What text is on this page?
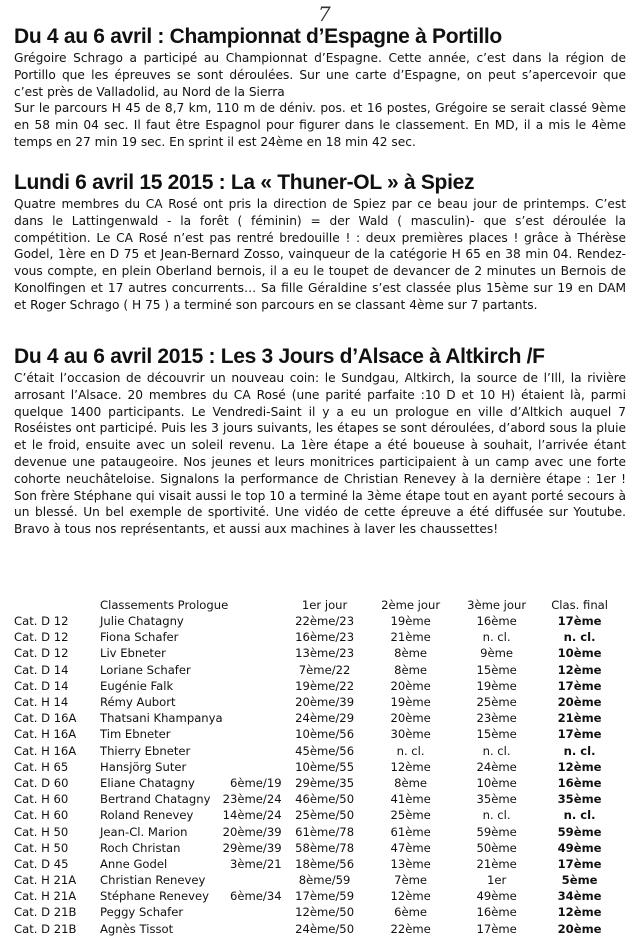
7
Du 4 au 6 avril : Championnat d’Espagne à Portillo

Grégoire Schrago a participé au Championnat d’Espagne. Cette année, c’est dans la région de Portillo que les épreuves se sont déroulées. Sur une carte d’Espagne, on peut s’apercevoir que c’est près de Valladolid, au Nord de la Sierra

Sur le parcours H 45 de 8,7 km, 110 m de déniv. pos. et 16 postes, Grégoire se serait classé 9ème en 58 min 04 sec. Il faut être Espagnol pour figurer dans le classement. En MD, il a mis le 4ème temps en 27 min 19 sec. En sprint il est 24ème en 18 min 42 sec.

Lundi 6 avril 15 2015 : La « Thuner-OL » à Spiez

Quatre membres du CA Rosé ont pris la direction de Spiez par ce beau jour de printemps. C’est dans le Lattingenwald - la forêt ( féminin) = der Wald ( masculin)- que s’est déroulée la compétition. Le CA Rosé n’est pas rentré bredouille ! : deux premières places ! grâce à Thérèse Godel, 1ère en D 75 et Jean-Bernard Zosso, vainqueur de la catégorie H 65 en 38 min 04. Rendez-vous compte, en plein Oberland bernois, il a eu le toupet de devancer de 2 minutes un Bernois de Konolfingen et 17 autres concurrents… Sa fille Géraldine s’est classée plus 15ème sur 19 en DAM et Roger Schrago ( H 75 ) a terminé son parcours en se classant 4ème sur 7 partants.

Du 4 au 6 avril 2015 : Les 3 Jours d’Alsace à Altkirch /F

C’était l’occasion de découvrir un nouveau coin: le Sundgau, Altkirch, la source de l’Ill, la rivière arrosant l’Alsace. 20 membres du CA Rosé (une parité parfaite :10 D et 10 H) étaient là, parmi quelque 1400 participants. Le Vendredi-Saint il y a eu un prologue en ville d’Altkich auquel 7 Roséistes ont participé. Puis les 3 jours suivants, les étapes se sont déroulées, d’abord sous la pluie et le froid, ensuite avec un soleil revenu. La 1ère étape a été boueuse à souhait, l’arrivée étant devenue une pataugeoire. Nos jeunes et leurs monitrices participaient à un camp avec une forte cohorte neuchâteloise. Signalons la performance de Christian Renevey à la dernière étape : 1er ! Son frère Stéphane qui visait aussi le top 10 a terminé la 3ème étape tout en ayant porté secours à un blessé. Un bel exemple de sportivité. Une vidéo de cette épreuve a été diffusée sur Youtube. Bravo à tous nos représentants, et aussi aux machines à laver les chaussettes!

	Classements Prologue		1er jour	2ème jour	3ème jour	Clas. final
Cat. D 12	Julie Chatagny		22ème/23	19ème	16ème	17ème
Cat. D 12	Fiona Schafer		16ème/23	21ème	n. cl.	n. cl.
Cat. D 12	Liv Ebneter		13ème/23	8ème	9ème	10ème
Cat. D 14	Loriane Schafer		7ème/22	8ème	15ème	12ème
Cat. D 14	Eugénie Falk		19ème/22	20ème	19ème	17ème
Cat. H 14	Rémy Aubort		20ème/39	19ème	25ème	20ème
Cat. D 16A	Thatsani Khampanya		24ème/29	20ème	23ème	21ème
Cat. H 16A	Tim Ebneter		10ème/56	30ème	15ème	17ème
Cat. H 16A	Thierry Ebneter		45ème/56	n. cl.	n. cl.	n. cl.
Cat. H 65	Hansjörg Suter		10ème/55	12ème	24ème	12ème
Cat. D 60	Eliane Chatagny	6ème/19	29ème/35	8ème	10ème	16ème
Cat. H 60	Bertrand Chatagny	23ème/24	46ème/50	41ème	35ème	35ème
Cat. H 60	Roland Renevey	14ème/24	25ème/50	25ème	n. cl.	n. cl.
Cat. H 50	Jean-Cl. Marion	20ème/39	61ème/78	61ème	59ème	59ème
Cat. H 50	Roch Christan	29ème/39	58ème/78	47ème	50ème	49ème
Cat. D 45	Anne Godel	3ème/21	18ème/56	13ème	21ème	17ème
Cat. H 21A	Christian Renevey		8ème/59	7ème	1er	5ème
Cat. H 21A	Stéphane Renevey	6ème/34	17ème/59	12ème	49ème	34ème
Cat. D 21B	Peggy Schafer		12ème/50	6ème	16ème	12ème
Cat. D 21B	Agnès Tissot		24ème/50	22ème	17ème	20ème
